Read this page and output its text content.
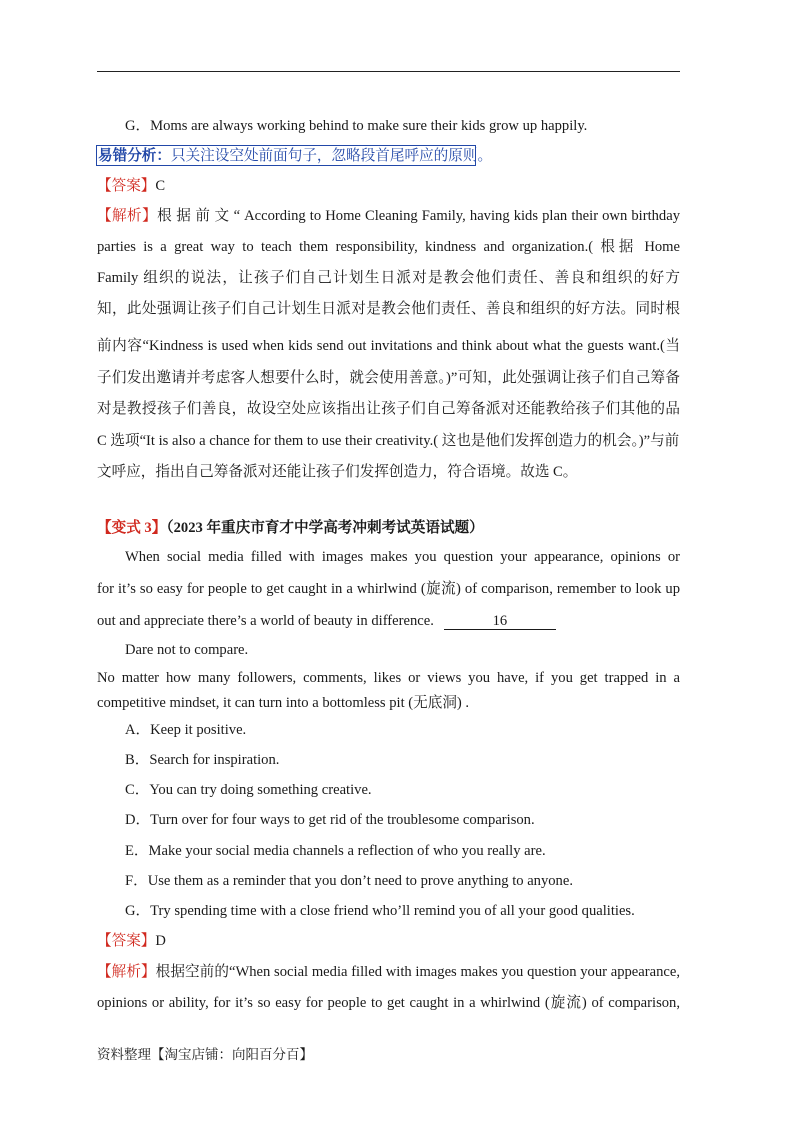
G．Moms are always working behind to make sure their kids grow up happily.
易错分析：只关注设空处前面句子，忽略段首尾呼应的原则。
【答案】C
【解析】根 据 前 文 “ According to Home Cleaning Family, having kids plan their own birthday
parties is a great way to teach them responsibility, kindness and organization.( 根据 Home
Family 组织的说法，让孩子们自己计划生日派对是教会他们责任、善良和组织的好方
知，此处强调让孩子们自己计划生日派对是教会他们责任、善良和组织的好方法。同时根
前内容“Kindness is used when kids send out invitations and think about what the guests want.(当
子们发出邀请并考虑客人想要什么时，就会使用善意。)”可知，此处强调让孩子们自己筹备
对是教授孩子们善良，故设空处应该指出让孩子们自己筹备派对还能教给孩子们其他的品
C 选项“It is also a chance for them to use their creativity.( 这也是他们发挥创造力的机会。)”与前
文呼应，指出自己筹备派对还能让孩子们发挥创造力，符合语境。故选 C。
【变式 3】（2023 年重庆市育才中学高考冲刺考试英语试题）
When social media filled with images makes you question your appearance, opinions or
for it’s so easy for people to get caught in a whirlwind (旋流) of comparison, remember to look up
out and appreciate there’s a world of beauty in difference.	16
Dare not to compare.
No matter how many followers, comments, likes or views you have, if you get trapped in a
competitive mindset, it can turn into a bottomless pit (无底洞) .
A．Keep it positive.
B．Search for inspiration.
C．You can try doing something creative.
D．Turn over for four ways to get rid of the troublesome comparison.
E．Make your social media channels a reflection of who you really are.
F．Use them as a reminder that you don’t need to prove anything to anyone.
G．Try spending time with a close friend who’ll remind you of all your good qualities.
【答案】D
【解析】根据空前的“When social media filled with images makes you question your appearance,
opinions or ability, for it’s so easy for people to get caught in a whirlwind (旋流) of comparison,
资料整理【淘宝店铺：向阳百分百】
